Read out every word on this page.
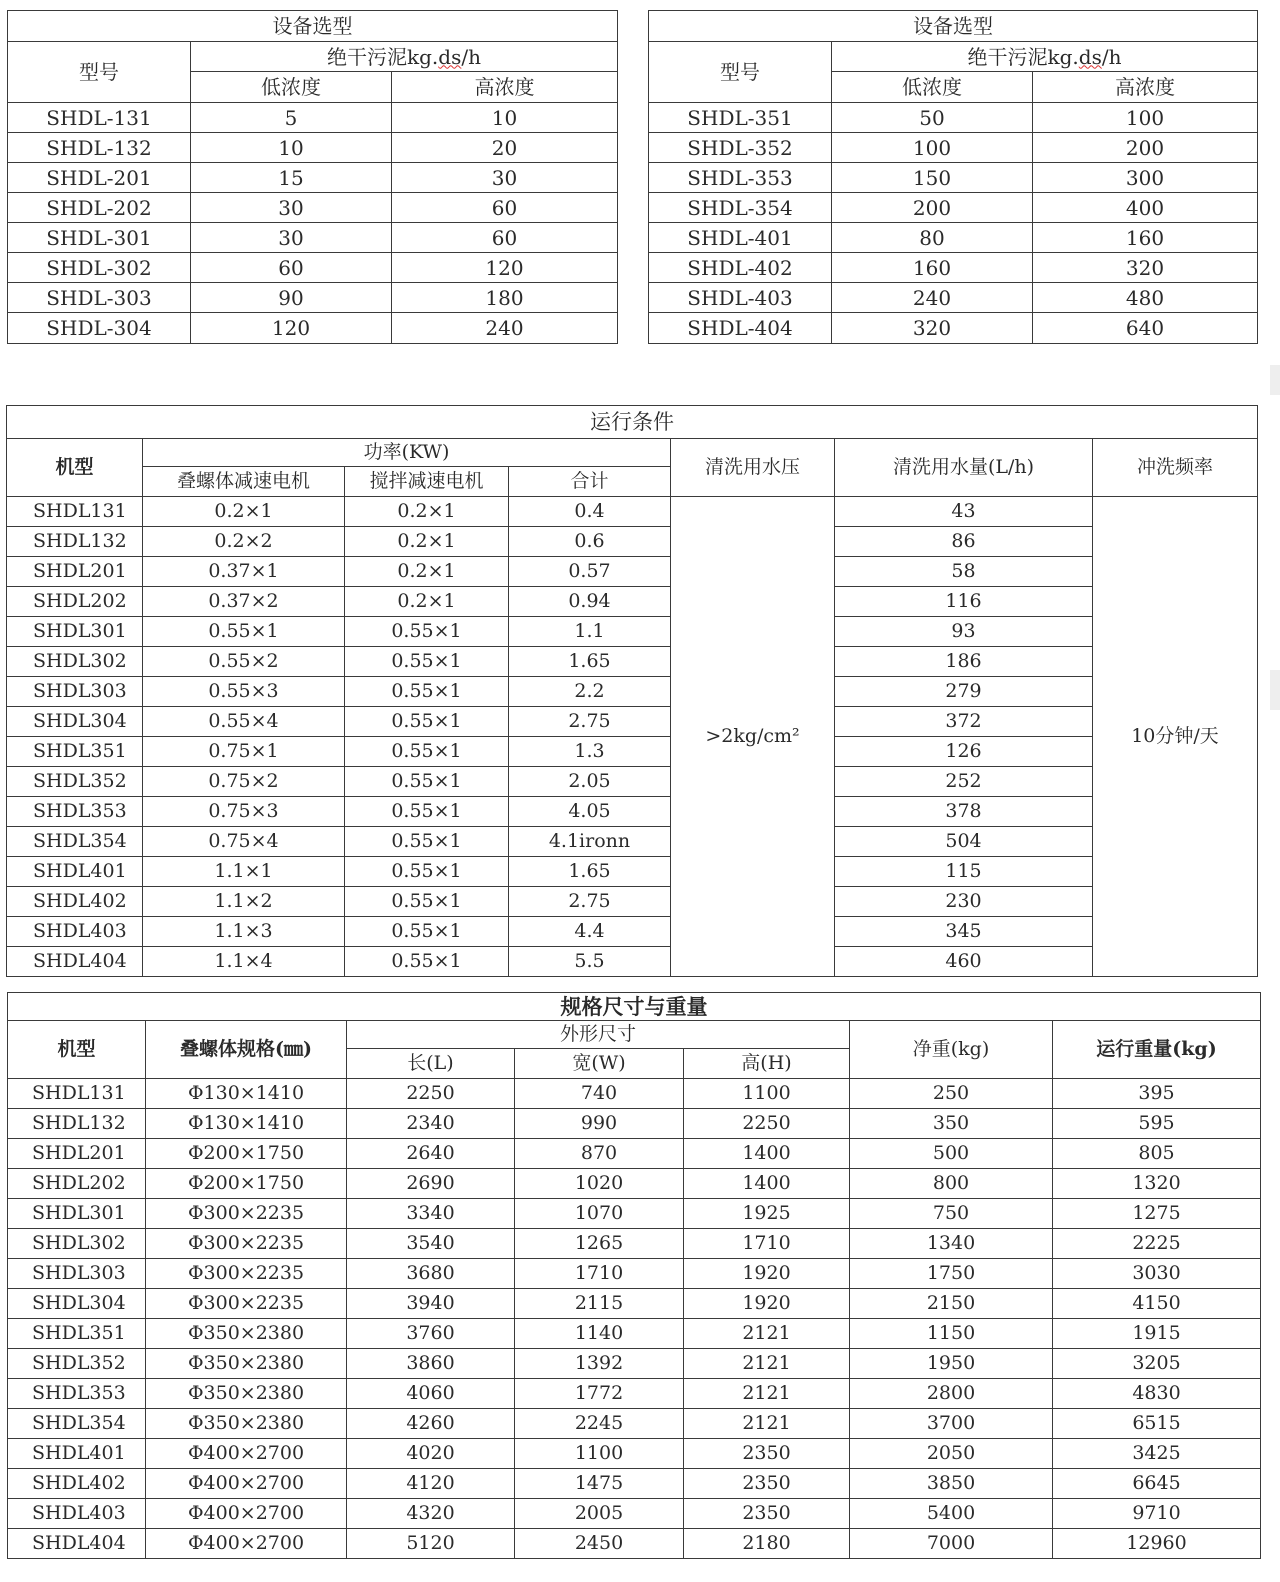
设备选型		
型号	绝干污泥kg.ds/h	
	低浓度	高浓度
SHDL-131	5	10
SHDL-132	10	20
SHDL-201	15	30
SHDL-202	30	60
SHDL-301	30	60
SHDL-302	60	120
SHDL-303	90	180
SHDL-304	120	240
设备选型		
型号	绝干污泥kg.ds/h	
	低浓度	高浓度
SHDL-351	50	100
SHDL-352	100	200
SHDL-353	150	300
SHDL-354	200	400
SHDL-401	80	160
SHDL-402	160	320
SHDL-403	240	480
SHDL-404	320	640
运行条件						
机型	功率(KW)			清洗用水压	清洗用水量(L/h)	冲洗频率
	叠螺体减速电机	搅拌减速电机	合计			
SHDL131	0.2×1	0.2×1	0.4	>2kg/cm²	43	10分钟/天
SHDL132	0.2×2	0.2×1	0.6		86	
SHDL201	0.37×1	0.2×1	0.57		58	
SHDL202	0.37×2	0.2×1	0.94		116	
SHDL301	0.55×1	0.55×1	1.1		93	
SHDL302	0.55×2	0.55×1	1.65		186	
SHDL303	0.55×3	0.55×1	2.2		279	
SHDL304	0.55×4	0.55×1	2.75		372	
SHDL351	0.75×1	0.55×1	1.3		126	
SHDL352	0.75×2	0.55×1	2.05		252	
SHDL353	0.75×3	0.55×1	4.05		378	
SHDL354	0.75×4	0.55×1	4.1ironn		504	
SHDL401	1.1×1	0.55×1	1.65		115	
SHDL402	1.1×2	0.55×1	2.75		230	
SHDL403	1.1×3	0.55×1	4.4		345	
SHDL404	1.1×4	0.55×1	5.5		460	
规格尺寸与重量						
机型	叠螺体规格(㎜)	外形尺寸			净重(kg)	运行重量(kg)
		长(L)	宽(W)	高(H)		
SHDL131	Φ130×1410	2250	740	1100	250	395
SHDL132	Φ130×1410	2340	990	2250	350	595
SHDL201	Φ200×1750	2640	870	1400	500	805
SHDL202	Φ200×1750	2690	1020	1400	800	1320
SHDL301	Φ300×2235	3340	1070	1925	750	1275
SHDL302	Φ300×2235	3540	1265	1710	1340	2225
SHDL303	Φ300×2235	3680	1710	1920	1750	3030
SHDL304	Φ300×2235	3940	2115	1920	2150	4150
SHDL351	Φ350×2380	3760	1140	2121	1150	1915
SHDL352	Φ350×2380	3860	1392	2121	1950	3205
SHDL353	Φ350×2380	4060	1772	2121	2800	4830
SHDL354	Φ350×2380	4260	2245	2121	3700	6515
SHDL401	Φ400×2700	4020	1100	2350	2050	3425
SHDL402	Φ400×2700	4120	1475	2350	3850	6645
SHDL403	Φ400×2700	4320	2005	2350	5400	9710
SHDL404	Φ400×2700	5120	2450	2180	7000	12960
